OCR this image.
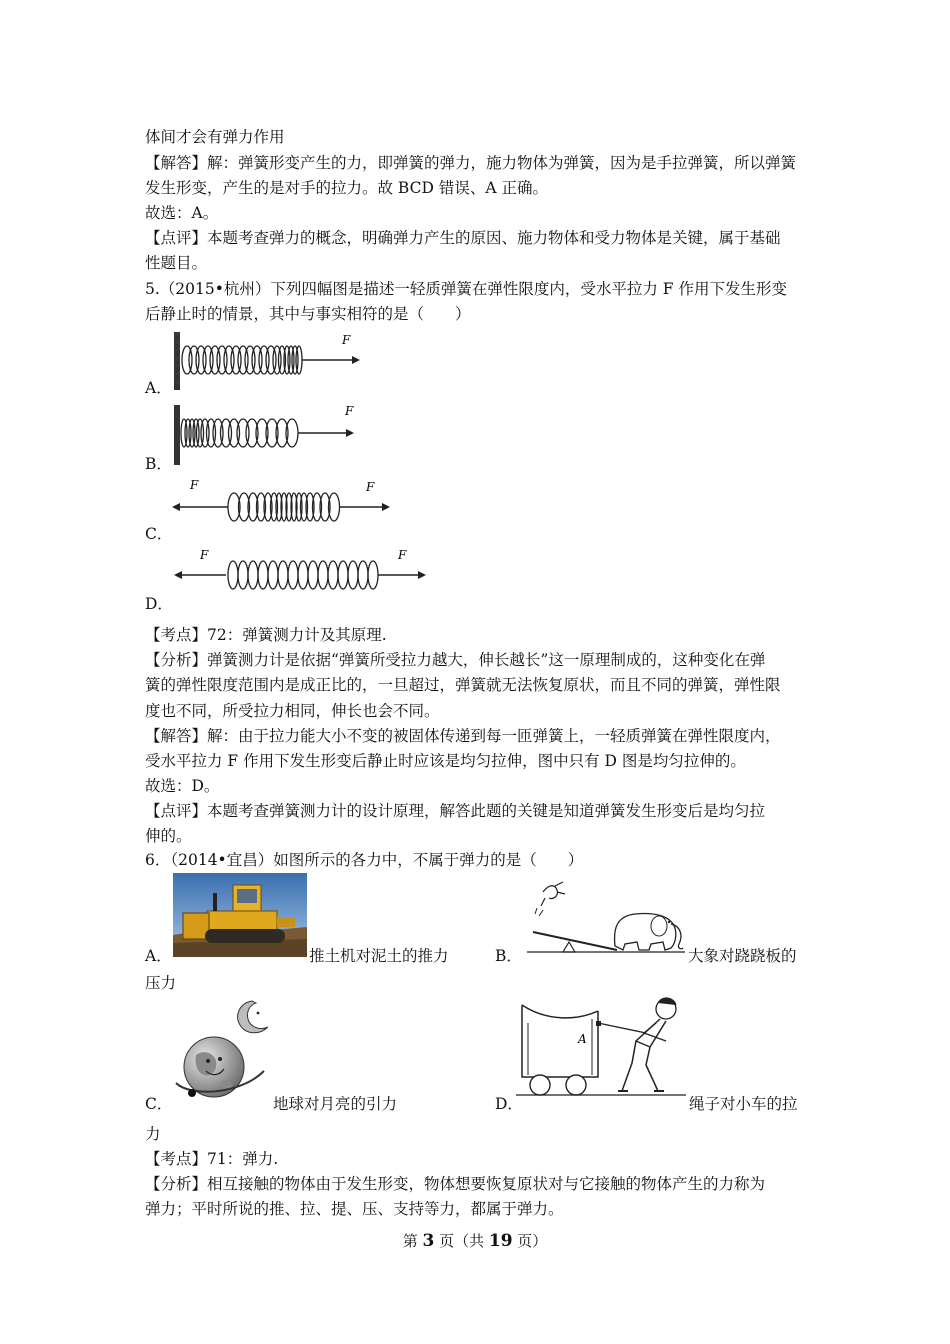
体间才会有弹力作用
【解答】解：弹簧形变产生的力，即弹簧的弹力，施力物体为弹簧，因为是手拉弹簧，所以弹簧
发生形变，产生的是对手的拉力。故 BCD 错误、A 正确。
故选：A。
【点评】本题考查弹力的概念，明确弹力产生的原因、施力物体和受力物体是关键，属于基础
性题目。
5.（2015•杭州）下列四幅图是描述一轻质弹簧在弹性限度内，受水平拉力 F 作用下发生形变
后静止时的情景，其中与事实相符的是（　　）
A．
F
B．
F
C．
F	F
D．
F	F
【考点】72：弹簧测力计及其原理.
【分析】弹簧测力计是依据“弹簧所受拉力越大，伸长越长”这一原理制成的，这种变化在弹
簧的弹性限度范围内是成正比的，一旦超过，弹簧就无法恢复原状，而且不同的弹簧，弹性限
度也不同，所受拉力相同，伸长也会不同。
【解答】解：由于拉力能大小不变的被固体传递到每一匝弹簧上，一轻质弹簧在弹性限度内，
受水平拉力 F 作用下发生形变后静止时应该是均匀拉伸，图中只有 D 图是均匀拉伸的。
故选：D。
【点评】本题考查弹簧测力计的设计原理，解答此题的关键是知道弹簧发生形变后是均匀拉
伸的。
6．（2014•宜昌）如图所示的各力中，不属于弹力的是（　　）
A．	推土机对泥土的推力	B．	大象对跷跷板的
压力
C．	地球对月亮的引力	D．
A
绳子对小车的拉
力
【考点】71：弹力.
【分析】相互接触的物体由于发生形变，物体想要恢复原状对与它接触的物体产生的力称为
弹力；平时所说的推、拉、提、压、支持等力，都属于弹力。
第 3 页（共 19 页）
